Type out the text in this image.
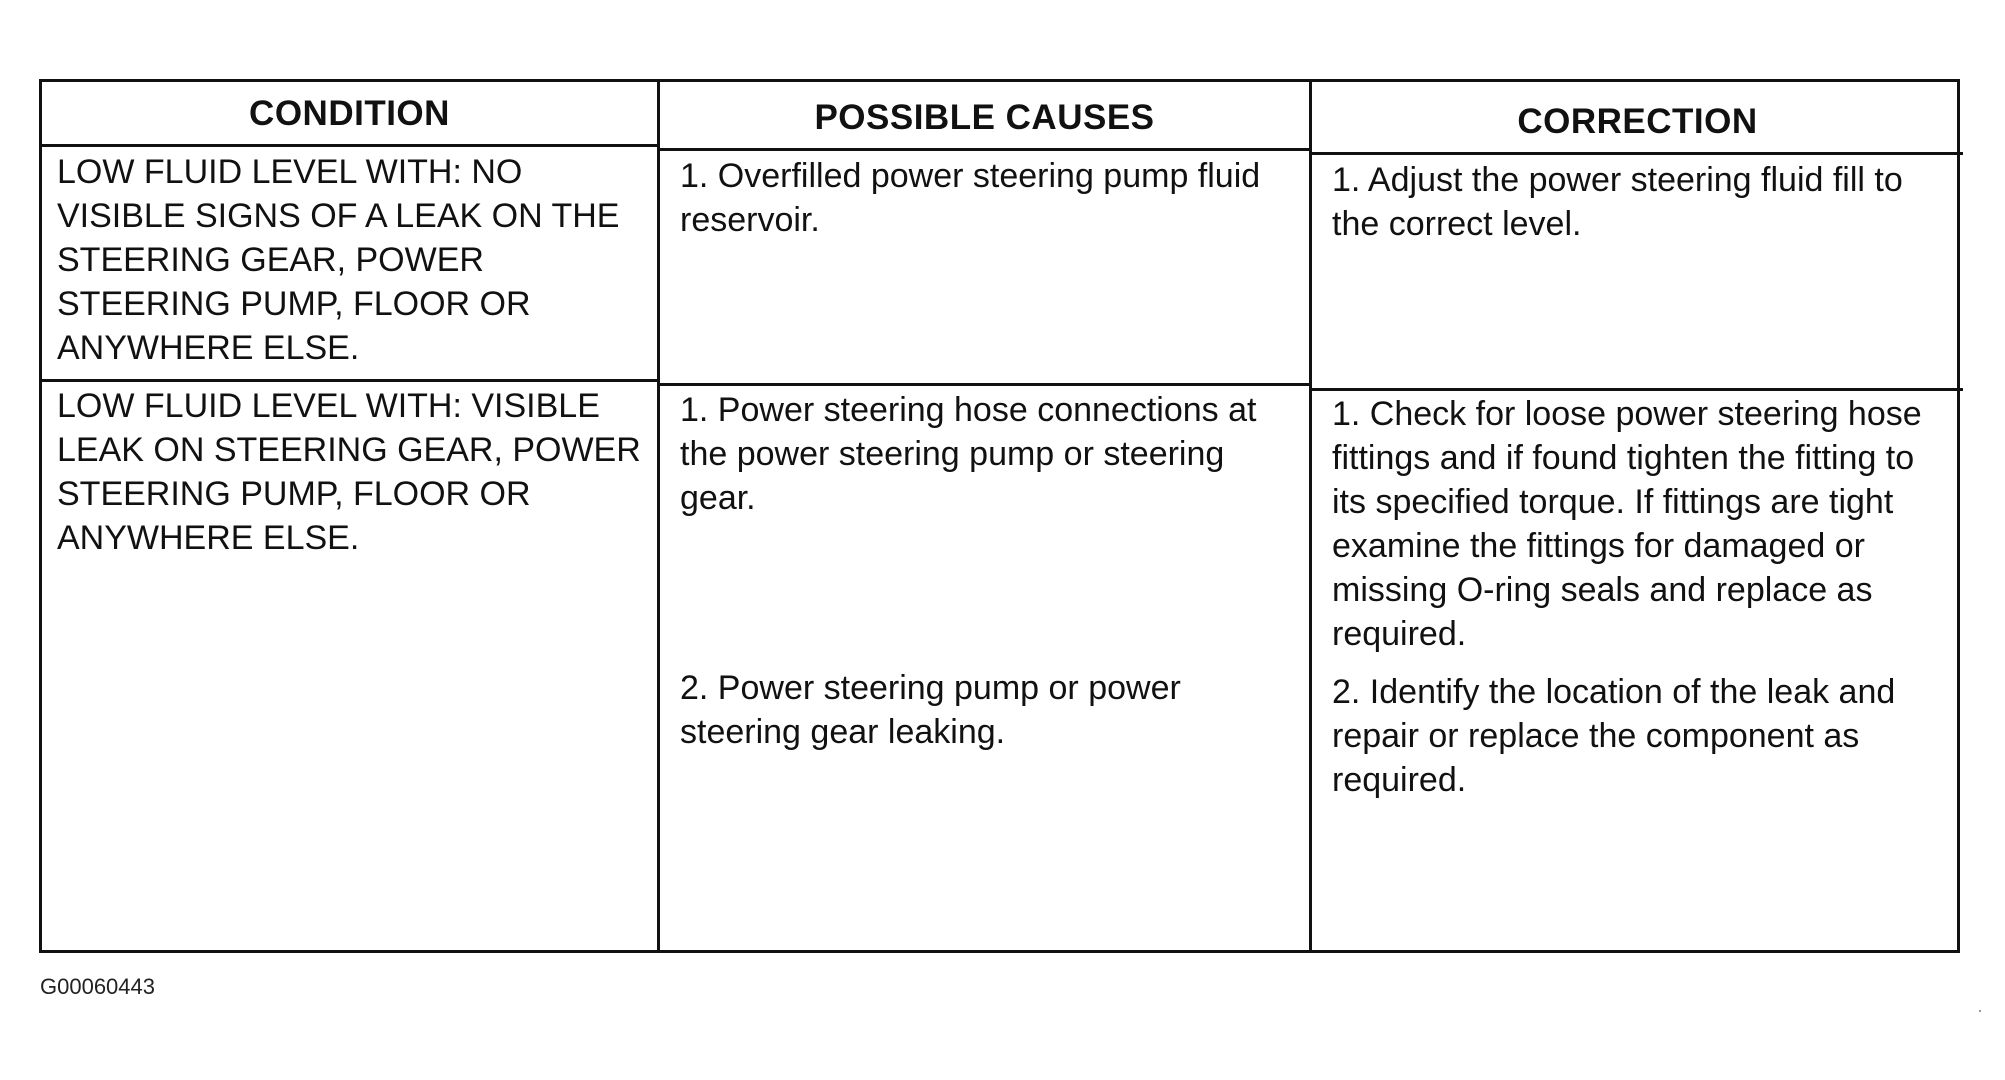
CONDITION	POSSIBLE CAUSES	CORRECTION
LOW FLUID LEVEL WITH: NO VISIBLE SIGNS OF A LEAK ON THE STEERING GEAR, POWER STEERING PUMP, FLOOR OR ANYWHERE ELSE.
1. Overfilled power steering pump fluid reservoir.
1. Adjust the power steering fluid fill to the correct level.
LOW FLUID LEVEL WITH: VISIBLE LEAK ON STEERING GEAR, POWER STEERING PUMP, FLOOR OR ANYWHERE ELSE.
1. Power steering hose connections at the power steering pump or steering gear.
1. Check for loose power steering hose fittings and if found tighten the fitting to its specified torque. If fittings are tight examine the fittings for damaged or missing O-ring seals and replace as required.
2. Power steering pump or power steering gear leaking.
2. Identify the location of the leak and repair or replace the component as required.
G00060443
